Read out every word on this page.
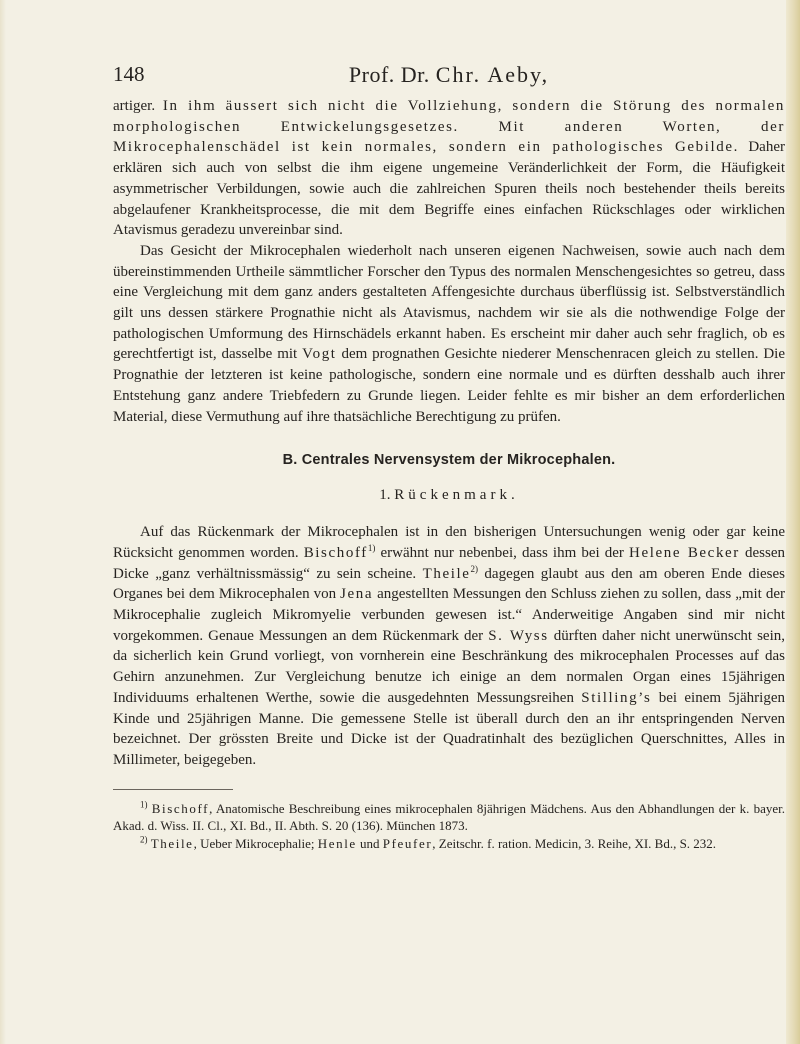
148	Prof. Dr. Chr. Aeby,

artiger. In ihm äussert sich nicht die Vollziehung, sondern die Störung des normalen morphologischen Entwickelungsgesetzes. Mit anderen Worten, der Mikrocephalenschädel ist kein normales, sondern ein pathologisches Gebilde. Daher erklären sich auch von selbst die ihm eigene ungemeine Veränderlichkeit der Form, die Häufigkeit asymmetrischer Verbildungen, sowie auch die zahlreichen Spuren theils noch bestehender theils bereits abgelaufener Krankheitsprocesse, die mit dem Begriffe eines einfachen Rückschlages oder wirklichen Atavismus geradezu unvereinbar sind.

Das Gesicht der Mikrocephalen wiederholt nach unseren eigenen Nachweisen, sowie auch nach dem übereinstimmenden Urtheile sämmtlicher Forscher den Typus des normalen Menschengesichtes so getreu, dass eine Vergleichung mit dem ganz anders gestalteten Affengesichte durchaus überflüssig ist. Selbstverständlich gilt uns dessen stärkere Prognathie nicht als Atavismus, nachdem wir sie als die nothwendige Folge der pathologischen Umformung des Hirnschädels erkannt haben. Es erscheint mir daher auch sehr fraglich, ob es gerechtfertigt ist, dasselbe mit Vogt dem prognathen Gesichte niederer Menschenracen gleich zu stellen. Die Prognathie der letzteren ist keine pathologische, sondern eine normale und es dürften desshalb auch ihrer Entstehung ganz andere Triebfedern zu Grunde liegen. Leider fehlte es mir bisher an dem erforderlichen Material, diese Vermuthung auf ihre thatsächliche Berechtigung zu prüfen.

B. Centrales Nervensystem der Mikrocephalen.
1. Rückenmark.

Auf das Rückenmark der Mikrocephalen ist in den bisherigen Untersuchungen wenig oder gar keine Rücksicht genommen worden. Bischoff$^{1)}$ erwähnt nur nebenbei, dass ihm bei der Helene Becker dessen Dicke „ganz verhältnissmässig“ zu sein scheine. Theile$^{2)}$ dagegen glaubt aus den am oberen Ende dieses Organes bei dem Mikrocephalen von Jena angestellten Messungen den Schluss ziehen zu sollen, dass „mit der Mikrocephalie zugleich Mikromyelie verbunden gewesen ist.“ Anderweitige Angaben sind mir nicht vorgekommen. Genaue Messungen an dem Rückenmark der S. Wyss dürften daher nicht unerwünscht sein, da sicherlich kein Grund vorliegt, von vornherein eine Beschränkung des mikrocephalen Processes auf das Gehirn anzunehmen. Zur Vergleichung benutze ich einige an dem normalen Organ eines 15jährigen Individuums erhaltenen Werthe, sowie die ausgedehnten Messungsreihen Stilling’s bei einem 5jährigen Kinde und 25jährigen Manne. Die gemessene Stelle ist überall durch den an ihr entspringenden Nerven bezeichnet. Der grössten Breite und Dicke ist der Quadratinhalt des bezüglichen Querschnittes, Alles in Millimeter, beigegeben.

$^{1)}$ Bischoff, Anatomische Beschreibung eines mikrocephalen 8jährigen Mädchens. Aus den Abhandlungen der k. bayer. Akad. d. Wiss. II. Cl., XI. Bd., II. Abth. S. 20 (136). München 1873.

$^{2)}$ Theile, Ueber Mikrocephalie; Henle und Pfeufer, Zeitschr. f. ration. Medicin, 3. Reihe, XI. Bd., S. 232.
